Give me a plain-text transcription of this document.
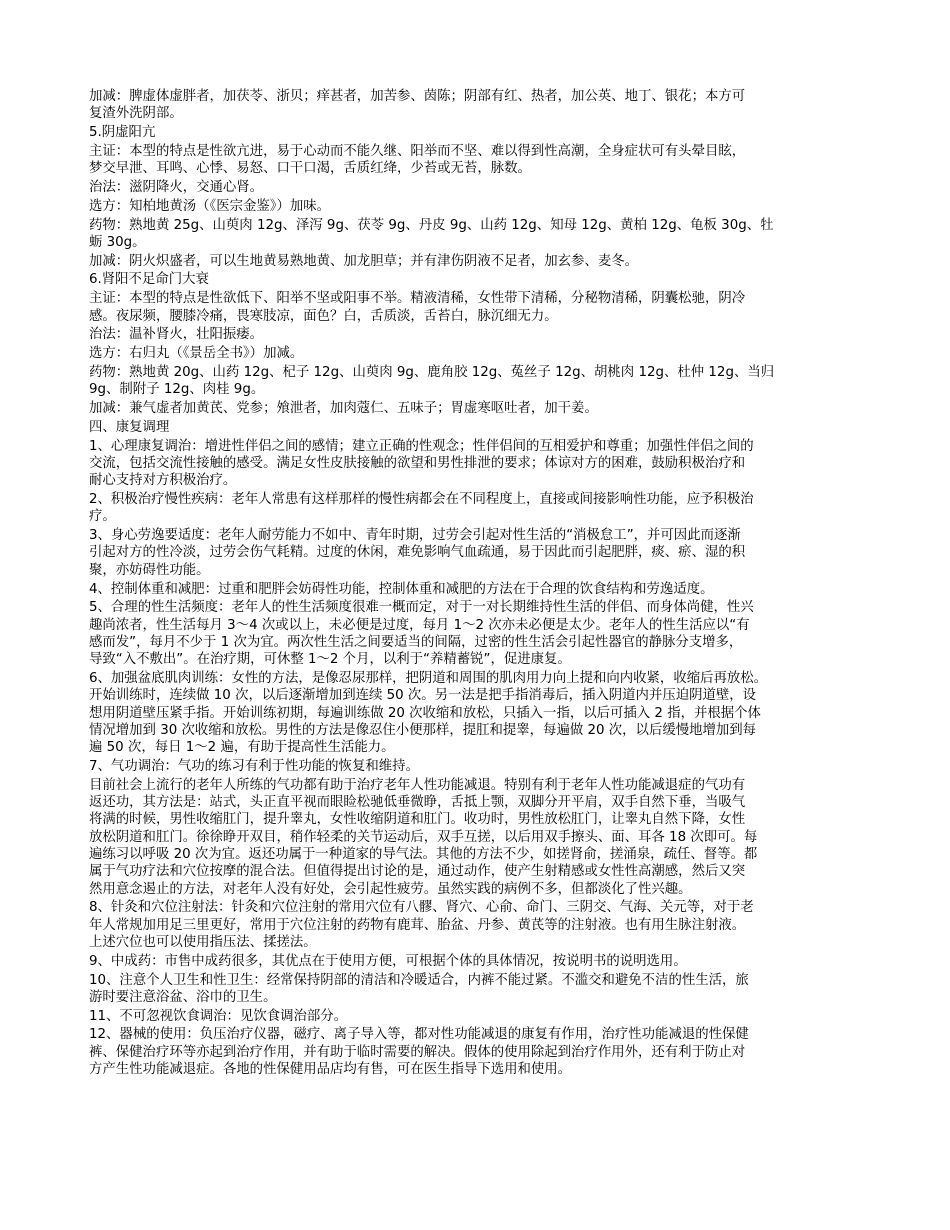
加减：脾虚体虚胖者，加茯苓、浙贝；痒甚者，加苦参、茵陈；阴部有红、热者，加公英、地丁、银花；本方可
复渣外洗阴部。

5.阴虚阳亢

主证：本型的特点是性欲亢进，易于心动而不能久继、阳举而不坚、难以得到性高潮，全身症状可有头晕目眩，
梦交早泄、耳鸣、心悸、易怒、口干口渴，舌质红绛，少苔或无苔，脉数。

治法：滋阴降火，交通心肾。

选方：知柏地黄汤（《医宗金鉴》）加味。

药物：熟地黄 25g、山萸肉 12g、泽泻 9g、茯苓 9g、丹皮 9g、山药 12g、知母 12g、黄柏 12g、龟板 30g、牡
蛎 30g。

加减：阴火炽盛者，可以生地黄易熟地黄、加龙胆草；并有津伤阴液不足者，加玄参、麦冬。

6.肾阳不足命门大衰

主证：本型的特点是性欲低下、阳举不坚或阳事不举。精液清稀，女性带下清稀，分秘物清稀，阴囊松驰，阴冷
感。夜尿频，腰膝冷痛，畏寒肢凉，面色？白，舌质淡，舌苔白，脉沉细无力。

治法：温补肾火，壮阳振痿。

选方：右归丸（《景岳全书》）加减。

药物：熟地黄 20g、山药 12g、杞子 12g、山萸肉 9g、鹿角胶 12g、菟丝子 12g、胡桃肉 12g、杜仲 12g、当归
9g、制附子 12g、肉桂 9g。

加减：兼气虚者加黄芪、党参；飧泄者，加肉蔻仁、五味子；胃虚寒呕吐者，加干姜。

四、康复调理

1、心理康复调治：增进性伴侣之间的感情；建立正确的性观念；性伴侣间的互相爱护和尊重；加强性伴侣之间的
交流，包括交流性接触的感受。满足女性皮肤接触的欲望和男性排泄的要求；体谅对方的困难，鼓励积极治疗和
耐心支持对方积极治疗。

2、积极治疗慢性疾病：老年人常患有这样那样的慢性病都会在不同程度上，直接或间接影响性功能，应予积极治
疗。

3、身心劳逸要适度：老年人耐劳能力不如中、青年时期，过劳会引起对性生活的“消极怠工”，并可因此而逐渐
引起对方的性冷淡，过劳会伤气耗精。过度的休闲，难免影响气血疏通，易于因此而引起肥胖，痰、瘀、湿的积
聚，亦妨碍性功能。

4、控制体重和减肥：过重和肥胖会妨碍性功能，控制体重和减肥的方法在于合理的饮食结构和劳逸适度。

5、合理的性生活频度：老年人的性生活频度很难一概而定，对于一对长期维持性生活的伴侣、而身体尚健，性兴
趣尚浓者，性生活每月 3～4 次或以上，未必便是过度，每月 1～2 次亦未必便是太少。老年人的性生活应以“有
感而发”，每月不少于 1 次为宜。两次性生活之间要适当的间隔，过密的性生活会引起性器官的静脉分支增多，
导致“入不敷出”。在治疗期，可休整 1～2 个月，以利于“养精蓄锐”，促进康复。

6、加强盆底肌肉训练：女性的方法，是像忍尿那样，把阴道和周围的肌肉用力向上提和向内收紧，收缩后再放松。
开始训练时，连续做 10 次，以后逐渐增加到连续 50 次。另一法是把手指消毒后，插入阴道内并压迫阴道壁，设
想用阴道壁压紧手指。开始训练初期，每遍训练做 20 次收缩和放松，只插入一指，以后可插入 2 指，并根据个体
情况增加到 30 次收缩和放松。男性的方法是像忍住小便那样，提肛和提睾，每遍做 20 次，以后缓慢地增加到每
遍 50 次，每日 1～2 遍，有助于提高性生活能力。

7、气功调治：气功的练习有利于性功能的恢复和维持。

目前社会上流行的老年人所练的气功都有助于治疗老年人性功能减退。特别有利于老年人性功能减退症的气功有
返还功，其方法是：站式，头正直平视而眼睑松驰低垂微睁，舌抵上颚，双脚分开平肩，双手自然下垂，当吸气
将满的时候，男性收缩肛门，提升睾丸，女性收缩阴道和肛门。收功时，男性放松肛门，让睾丸自然下降，女性
放松阴道和肛门。徐徐睁开双目，稍作轻柔的关节运动后，双手互搓，以后用双手擦头、面、耳各 18 次即可。每
遍练习以呼吸 20 次为宜。返还功属于一种道家的导气法。其他的方法不少，如搓肾俞，搓涌泉，疏任、督等。都
属于气功疗法和穴位按摩的混合法。但值得提出讨论的是，通过动作，使产生射精感或女性性高潮感，然后又突
然用意念遏止的方法，对老年人没有好处，会引起性疲劳。虽然实践的病例不多，但都淡化了性兴趣。

8、针灸和穴位注射法：针灸和穴位注射的常用穴位有八髎、肾穴、心俞、命门、三阴交、气海、关元等，对于老
年人常规加用足三里更好，常用于穴位注射的药物有鹿茸、胎盆、丹参、黄芪等的注射液。也有用生脉注射液。
上述穴位也可以使用指压法、揉搓法。

9、中成药：市售中成药很多，其优点在于使用方便，可根据个体的具体情况，按说明书的说明选用。

10、注意个人卫生和性卫生：经常保持阴部的清洁和冷暖适合，内裤不能过紧。不滥交和避免不洁的性生活，旅
游时要注意浴盆、浴巾的卫生。

11、不可忽视饮食调治：见饮食调治部分。

12、器械的使用：负压治疗仪器，磁疗、离子导入等，都对性功能减退的康复有作用，治疗性功能减退的性保健
裤、保健治疗环等亦起到治疗作用，并有助于临时需要的解决。假体的使用除起到治疗作用外，还有利于防止对
方产生性功能减退症。各地的性保健用品店均有售，可在医生指导下选用和使用。
